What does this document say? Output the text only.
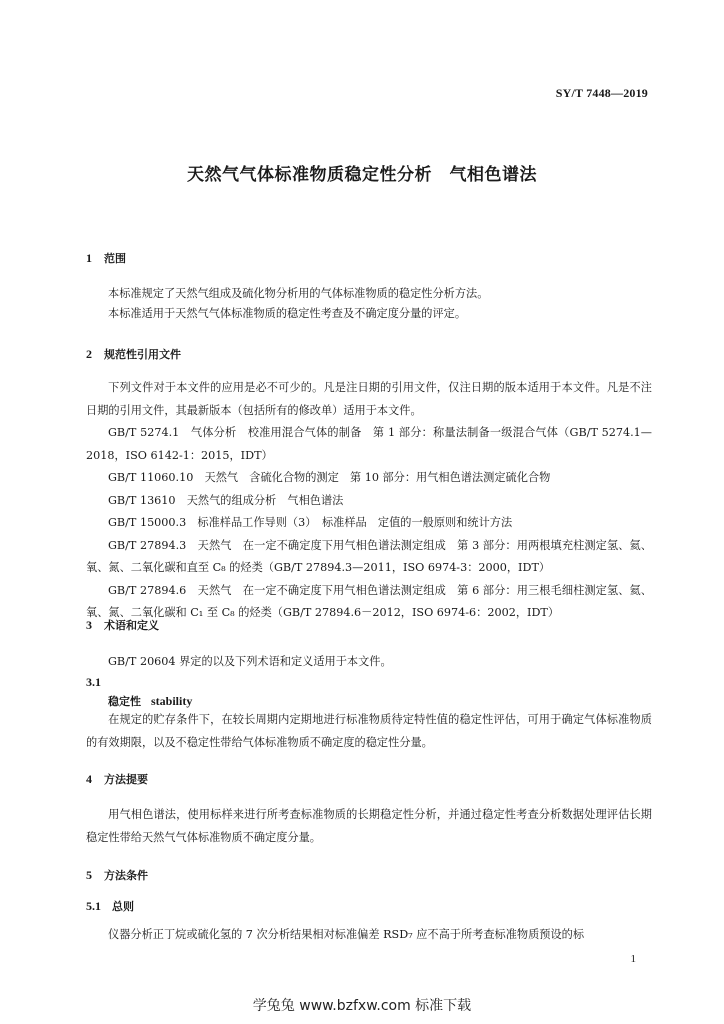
SY/T 7448—2019
天然气气体标准物质稳定性分析　气相色谱法
1 范围
本标准规定了天然气组成及硫化物分析用的气体标准物质的稳定性分析方法。
本标准适用于天然气气体标准物质的稳定性考查及不确定度分量的评定。
2 规范性引用文件
下列文件对于本文件的应用是必不可少的。凡是注日期的引用文件，仅注日期的版本适用于本文件。凡是不注日期的引用文件，其最新版本（包括所有的修改单）适用于本文件。
GB/T 5274.1　气体分析　校准用混合气体的制备　第 1 部分：称量法制备一级混合气体（GB/T 5274.1—2018，ISO 6142-1：2015，IDT）
GB/T 11060.10　天然气　含硫化合物的测定　第 10 部分：用气相色谱法测定硫化合物
GB/T 13610　天然气的组成分析　气相色谱法
GB/T 15000.3　标准样品工作导则（3）　标准样品　定值的一般原则和统计方法
GB/T 27894.3　天然气　在一定不确定度下用气相色谱法测定组成　第 3 部分：用两根填充柱测定氢、氦、氧、氮、二氧化碳和直至 C₈ 的烃类（GB/T 27894.3—2011，ISO 6974-3：2000，IDT）
GB/T 27894.6　天然气　在一定不确定度下用气相色谱法测定组成　第 6 部分：用三根毛细柱测定氢、氦、氧、氮、二氧化碳和 C₁ 至 C₈ 的烃类（GB/T 27894.6－2012，ISO 6974-6：2002，IDT）
3 术语和定义
GB/T 20604 界定的以及下列术语和定义适用于本文件。
3.1
稳定性 stability
在规定的贮存条件下，在较长周期内定期地进行标准物质待定特性值的稳定性评估，可用于确定气体标准物质的有效期限，以及不稳定性带给气体标准物质不确定度的稳定性分量。
4 方法提要
用气相色谱法，使用标样来进行所考查标准物质的长期稳定性分析，并通过稳定性考查分析数据处理评估长期稳定性带给天然气气体标准物质不确定度分量。
5 方法条件
5.1 总则
仪器分析正丁烷或硫化氢的 7 次分析结果相对标准偏差 RSD₇ 应不高于所考查标准物质预设的标
1
学兔兔 www.bzfxw.com 标准下载
